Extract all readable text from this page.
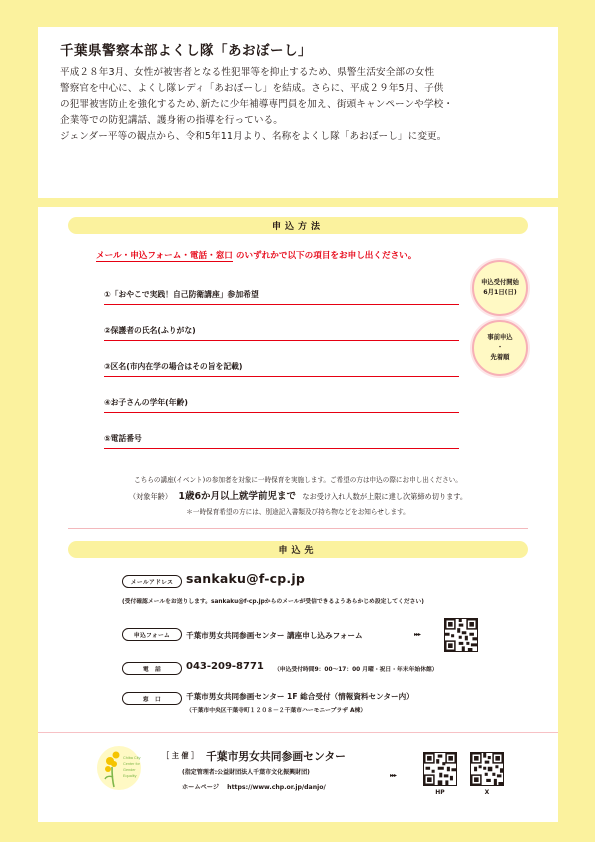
千葉県警察本部よくし隊「あおぼーし」

平成２８年3月、女性が被害者となる性犯罪等を抑止するため、県警生活安全部の女性

警察官を中心に、よくし隊レディ「あおぼーし」を結成。さらに、平成２９年5月、子供

の犯罪被害防止を強化するため､新たに少年補導専門員を加え、街頭キャンペーンや学校・

企業等での防犯講話、護身術の指導を行っている。

ジェンダー平等の観点から、令和5年11月より、名称をよくし隊「あおぼーし」に変更。

申込方法
メール・申込フォーム・電話・窓口 のいずれかで以下の項目をお申し出ください。
①「おやこで実践！自己防衛講座」参加希望
②保護者の氏名(ふりがな)
③区名(市内在学の場合はその旨を記載)
④お子さんの学年(年齢)
⑤電話番号
申込受付開始
6月1日(日)
事前申込
・
先着順
こちらの講座(イベント)の参加者を対象に一時保育を実施します。ご希望の方は申込の際にお申し出ください。
（対象年齢） 1歳6か月以上就学前児まで なお受け入れ人数が上限に達し次第締め切ります。
＊一時保育希望の方には、別途記入書類及び持ち物などをお知らせします。
申込先
メールアドレス	sankaku@f-cp.jp
(受付確認メールをお送りします。sankaku@f-cp.jpからのメールが受信できるようあらかじめ設定してください)
申込フォーム	千葉市男女共同参画センター 講座申し込みフォーム	▸▸▸
電　話	043-209-8771 （申込受付時間9：00～17：00 月曜・祝日・年末年始休館）
窓　口	千葉市男女共同参画センター 1F 総合受付（情報資料センター内）
（千葉市中央区千葉寺町１２０８－２千葉市ハーモニープラザ A棟）
Chiba City
Center for
Gender
Equality
［ 主 催 ］ 千葉市男女共同参画センター
(指定管理者:公益財団法人千葉市文化振興財団)
ホームページ https://www.chp.or.jp/danjo/
▸▸▸
HP	X
